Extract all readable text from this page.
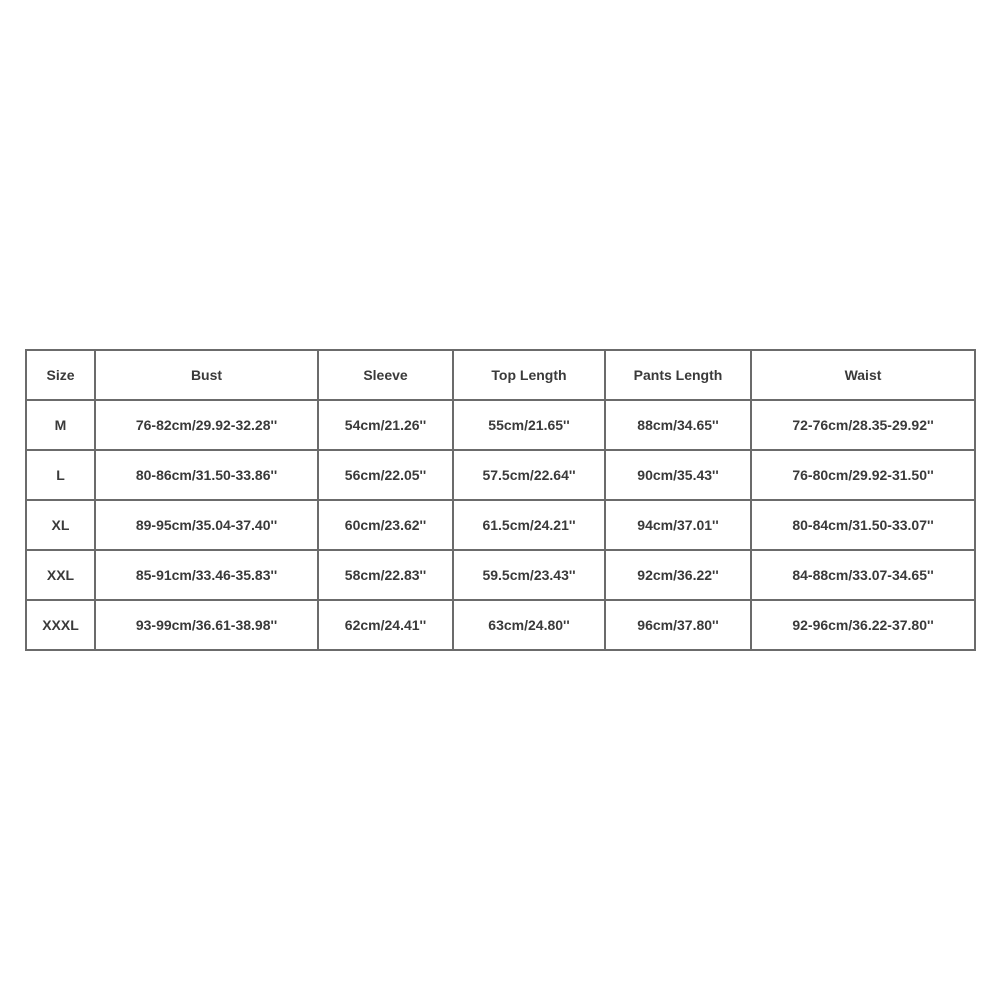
Size	Bust	Sleeve	Top Length	Pants Length	Waist
M	76-82cm/29.92-32.28''	54cm/21.26''	55cm/21.65''	88cm/34.65''	72-76cm/28.35-29.92''
L	80-86cm/31.50-33.86''	56cm/22.05''	57.5cm/22.64''	90cm/35.43''	76-80cm/29.92-31.50''
XL	89-95cm/35.04-37.40''	60cm/23.62''	61.5cm/24.21''	94cm/37.01''	80-84cm/31.50-33.07''
XXL	85-91cm/33.46-35.83''	58cm/22.83''	59.5cm/23.43''	92cm/36.22''	84-88cm/33.07-34.65''
XXXL	93-99cm/36.61-38.98''	62cm/24.41''	63cm/24.80''	96cm/37.80''	92-96cm/36.22-37.80''
